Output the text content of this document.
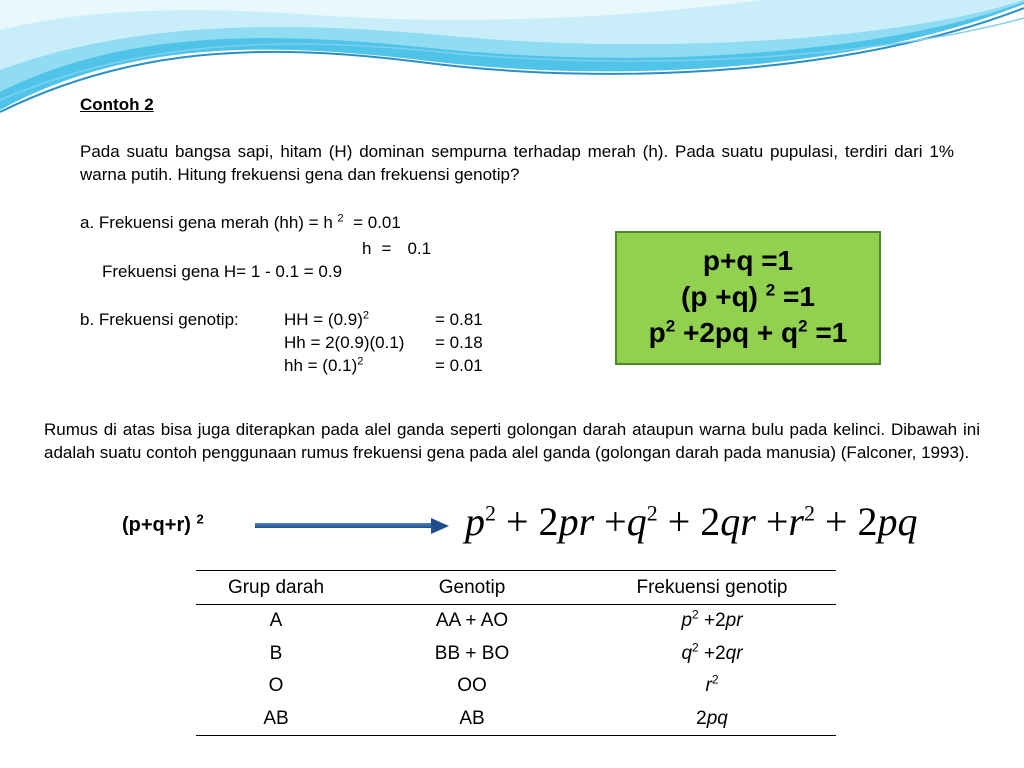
Contoh 2
Pada suatu bangsa sapi, hitam (H) dominan sempurna terhadap merah (h). Pada suatu pupulasi, terdiri dari 1% warna putih. Hitung frekuensi gena dan frekuensi genotip?
a. Frekuensi gena merah (hh) = h $^2$ = 0.01
h = 0.1
Frekuensi gena H= 1 - 0.1 = 0.9
b. Frekuensi genotip:	HH = $(0.9)^2$	= 0.81
Hh = 2(0.9)(0.1) = 0.18
hh = $(0.1)^2$	= 0.01
p+q =1
(p +q) $^2$ =1
$p^2 +2pq + q^2 =1$
Rumus di atas bisa juga diterapkan pada alel ganda seperti golongan darah ataupun warna bulu pada kelinci. Dibawah ini adalah suatu contoh penggunaan rumus frekuensi gena pada alel ganda (golongan darah pada manusia) (Falconer, 1993).
(p+q+r) $^2$	$p^2 + 2pr +q^2 + 2qr +r^2 + 2pq$
Grup darah	Genotip	Frekuensi genotip
A	AA + AO	$p^2 +2pr$
B	BB + BO	$q^2 +2qr$
O	OO	$r^2$
AB	AB	2pq
